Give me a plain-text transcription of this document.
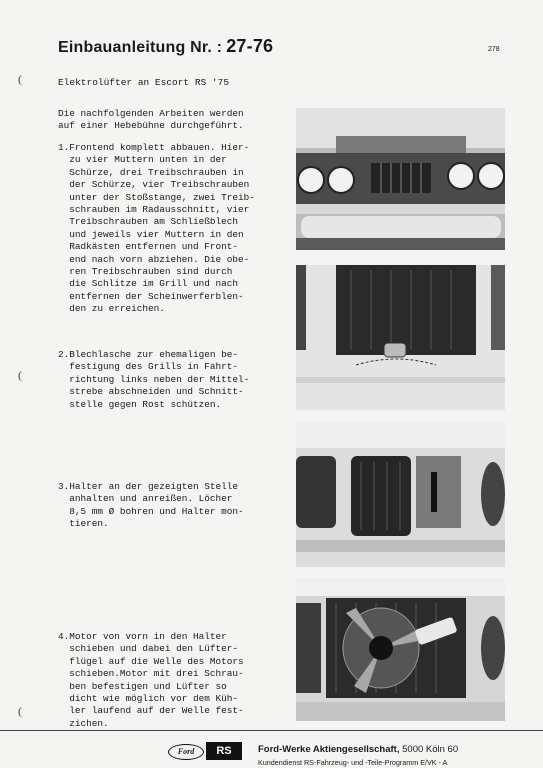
Einbauanleitung Nr. : 27-76	278
(
(
(
Elektrolüfter an Escort RS '75
Die nachfolgenden Arbeiten werden
auf einer Hebebühne durchgeführt.
1.Frontend komplett abbauen. Hier-
zu vier Muttern unten in der
Schürze, drei Treibschrauben in
der Schürze, vier Treibschrauben
unter der Stoßstange, zwei Treib-
schrauben im Radausschnitt, vier
Treibschrauben am Schließblech
und jeweils vier Muttern in den
Radkästen entfernen und Front-
end nach vorn abziehen. Die obe-
ren Treibschrauben sind durch
die Schlitze im Grill und nach
entfernen der Scheinwerferblen-
den zu erreichen.
2.Blechlasche zur ehemaligen be-
festigung des Grills in Fahrt-
richtung links neben der Mittel-
strebe abschneiden und Schnitt-
stelle gegen Rost schützen.
3.Halter an der gezeigten Stelle
anhalten und anreißen. Löcher
8,5 mm Ø bohren und Halter mon-
tieren.
4.Motor von vorn in den Halter
schieben und dabei den Lüfter-
flügel auf die Welle des Motors
schieben.Motor mit drei Schrau-
ben befestigen und Lüfter so
dicht wie möglich vor dem Küh-
ler laufend auf der Welle fest-
zichen.
Ford	RS	Ford-Werke Aktiengesellschaft, 5000 Köln 60
Kundendienst RS-Fahrzeug- und -Teile-Programm E/VK - A
